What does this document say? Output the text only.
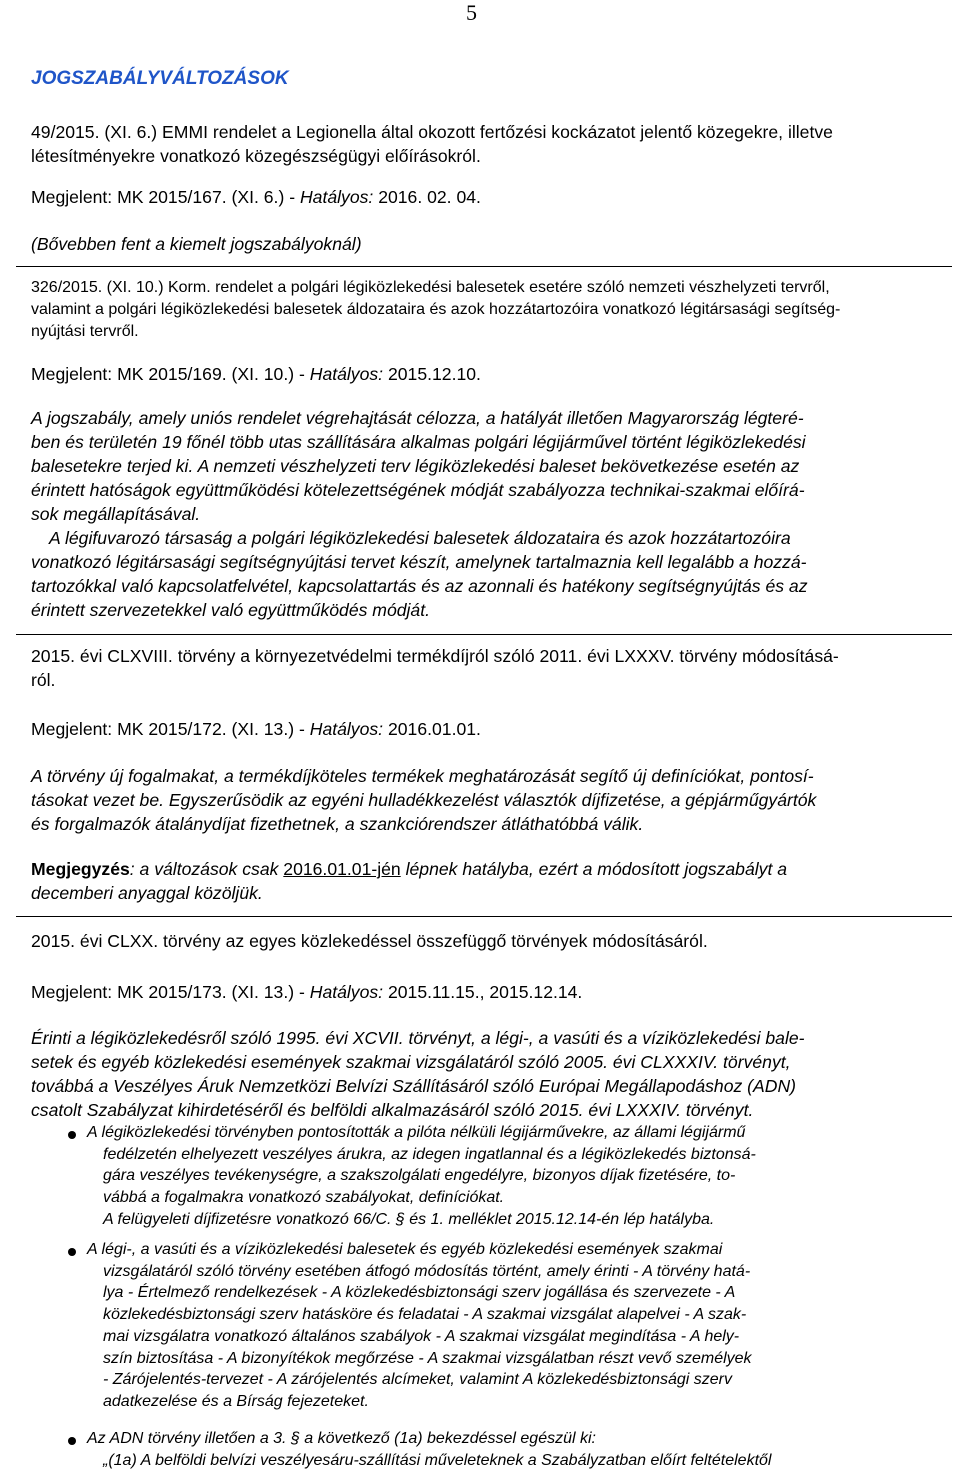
5
JOGSZABÁLYVÁLTOZÁSOK

49/2015. (XI. 6.) EMMI rendelet a Legionella által okozott fertőzési kockázatot jelentő közegekre, illetve

létesítményekre vonatkozó közegészségügyi előírásokról.

Megjelent: MK 2015/167. (XI. 6.) - Hatályos: 2016. 02. 04.

(Bővebben fent a kiemelt jogszabályoknál)

326/2015. (XI. 10.) Korm. rendelet a polgári légiközlekedési balesetek esetére szóló nemzeti vészhelyzeti tervről,

valamint a polgári légiközlekedési balesetek áldozataira és azok hozzátartozóira vonatkozó légitársasági segítség-

nyújtási tervről.

Megjelent: MK 2015/169. (XI. 10.) - Hatályos: 2015.12.10.

A jogszabály, amely uniós rendelet végrehajtását célozza, a hatályát illetően Magyarország légteré-

ben és területén 19 főnél több utas szállítására alkalmas polgári légijárművel történt légiközlekedési

balesetekre terjed ki. A nemzeti vészhelyzeti terv légiközlekedési baleset bekövetkezése esetén az

érintett hatóságok együttműködési kötelezettségének módját szabályozza technikai-szakmai előírá-

sok megállapításával.

A légifuvarozó társaság a polgári légiközlekedési balesetek áldozataira és azok hozzátartozóira

vonatkozó légitársasági segítségnyújtási tervet készít, amelynek tartalmaznia kell legalább a hozzá-

tartozókkal való kapcsolatfelvétel, kapcsolattartás és az azonnali és hatékony segítségnyújtás és az

érintett szervezetekkel való együttműködés módját.

2015. évi CLXVIII. törvény a környezetvédelmi termékdíjról szóló 2011. évi LXXXV. törvény módosításá-

ról.

Megjelent: MK 2015/172. (XI. 13.) - Hatályos: 2016.01.01.

A törvény új fogalmakat, a termékdíjköteles termékek meghatározását segítő új definíciókat, pontosí-

tásokat vezet be. Egyszerűsödik az egyéni hulladékkezelést választók díjfizetése, a gépjárműgyártók

és forgalmazók átalánydíjat fizethetnek, a szankciórendszer átláthatóbbá válik.

Megjegyzés: a változások csak 2016.01.01-jén lépnek hatályba, ezért a módosított jogszabályt a

decemberi anyaggal közöljük.

2015. évi CLXX. törvény az egyes közlekedéssel összefüggő törvények módosításáról.

Megjelent: MK 2015/173. (XI. 13.) - Hatályos: 2015.11.15., 2015.12.14.

Érinti a légiközlekedésről szóló 1995. évi XCVII. törvényt, a légi-, a vasúti és a víziközlekedési bale-

setek és egyéb közlekedési események szakmai vizsgálatáról szóló 2005. évi CLXXXIV. törvényt,

továbbá a Veszélyes Áruk Nemzetközi Belvízi Szállításáról szóló Európai Megállapodáshoz (ADN)

csatolt Szabályzat kihirdetéséről és belföldi alkalmazásáról szóló 2015. évi LXXXIV. törvényt.

A légiközlekedési törvényben pontosították a pilóta nélküli légijárművekre, az állami légijármű

fedélzetén elhelyezett veszélyes árukra, az idegen ingatlannal és a légiközlekedés biztonsá-

gára veszélyes tevékenységre, a szakszolgálati engedélyre, bizonyos díjak fizetésére, to-

vábbá a fogalmakra vonatkozó szabályokat, definíciókat.

A felügyeleti díjfizetésre vonatkozó 66/C. § és 1. melléklet 2015.12.14-én lép hatályba.

A légi-, a vasúti és a víziközlekedési balesetek és egyéb közlekedési események szakmai

vizsgálatáról szóló törvény esetében átfogó módosítás történt, amely érinti - A törvény hatá-

lya - Értelmező rendelkezések - A közlekedésbiztonsági szerv jogállása és szervezete - A

közlekedésbiztonsági szerv hatásköre és feladatai - A szakmai vizsgálat alapelvei - A szak-

mai vizsgálatra vonatkozó általános szabályok - A szakmai vizsgálat megindítása - A hely-

szín biztosítása - A bizonyítékok megőrzése - A szakmai vizsgálatban részt vevő személyek

- Zárójelentés-tervezet - A zárójelentés alcímeket, valamint A közlekedésbiztonsági szerv

adatkezelése és a Bírság fejezeteket.

Az ADN törvény illetően a 3. § a következő (1a) bekezdéssel egészül ki:

„(1a) A belföldi belvízi veszélyesáru-szállítási műveleteknek a Szabályzatban előírt feltételektől
